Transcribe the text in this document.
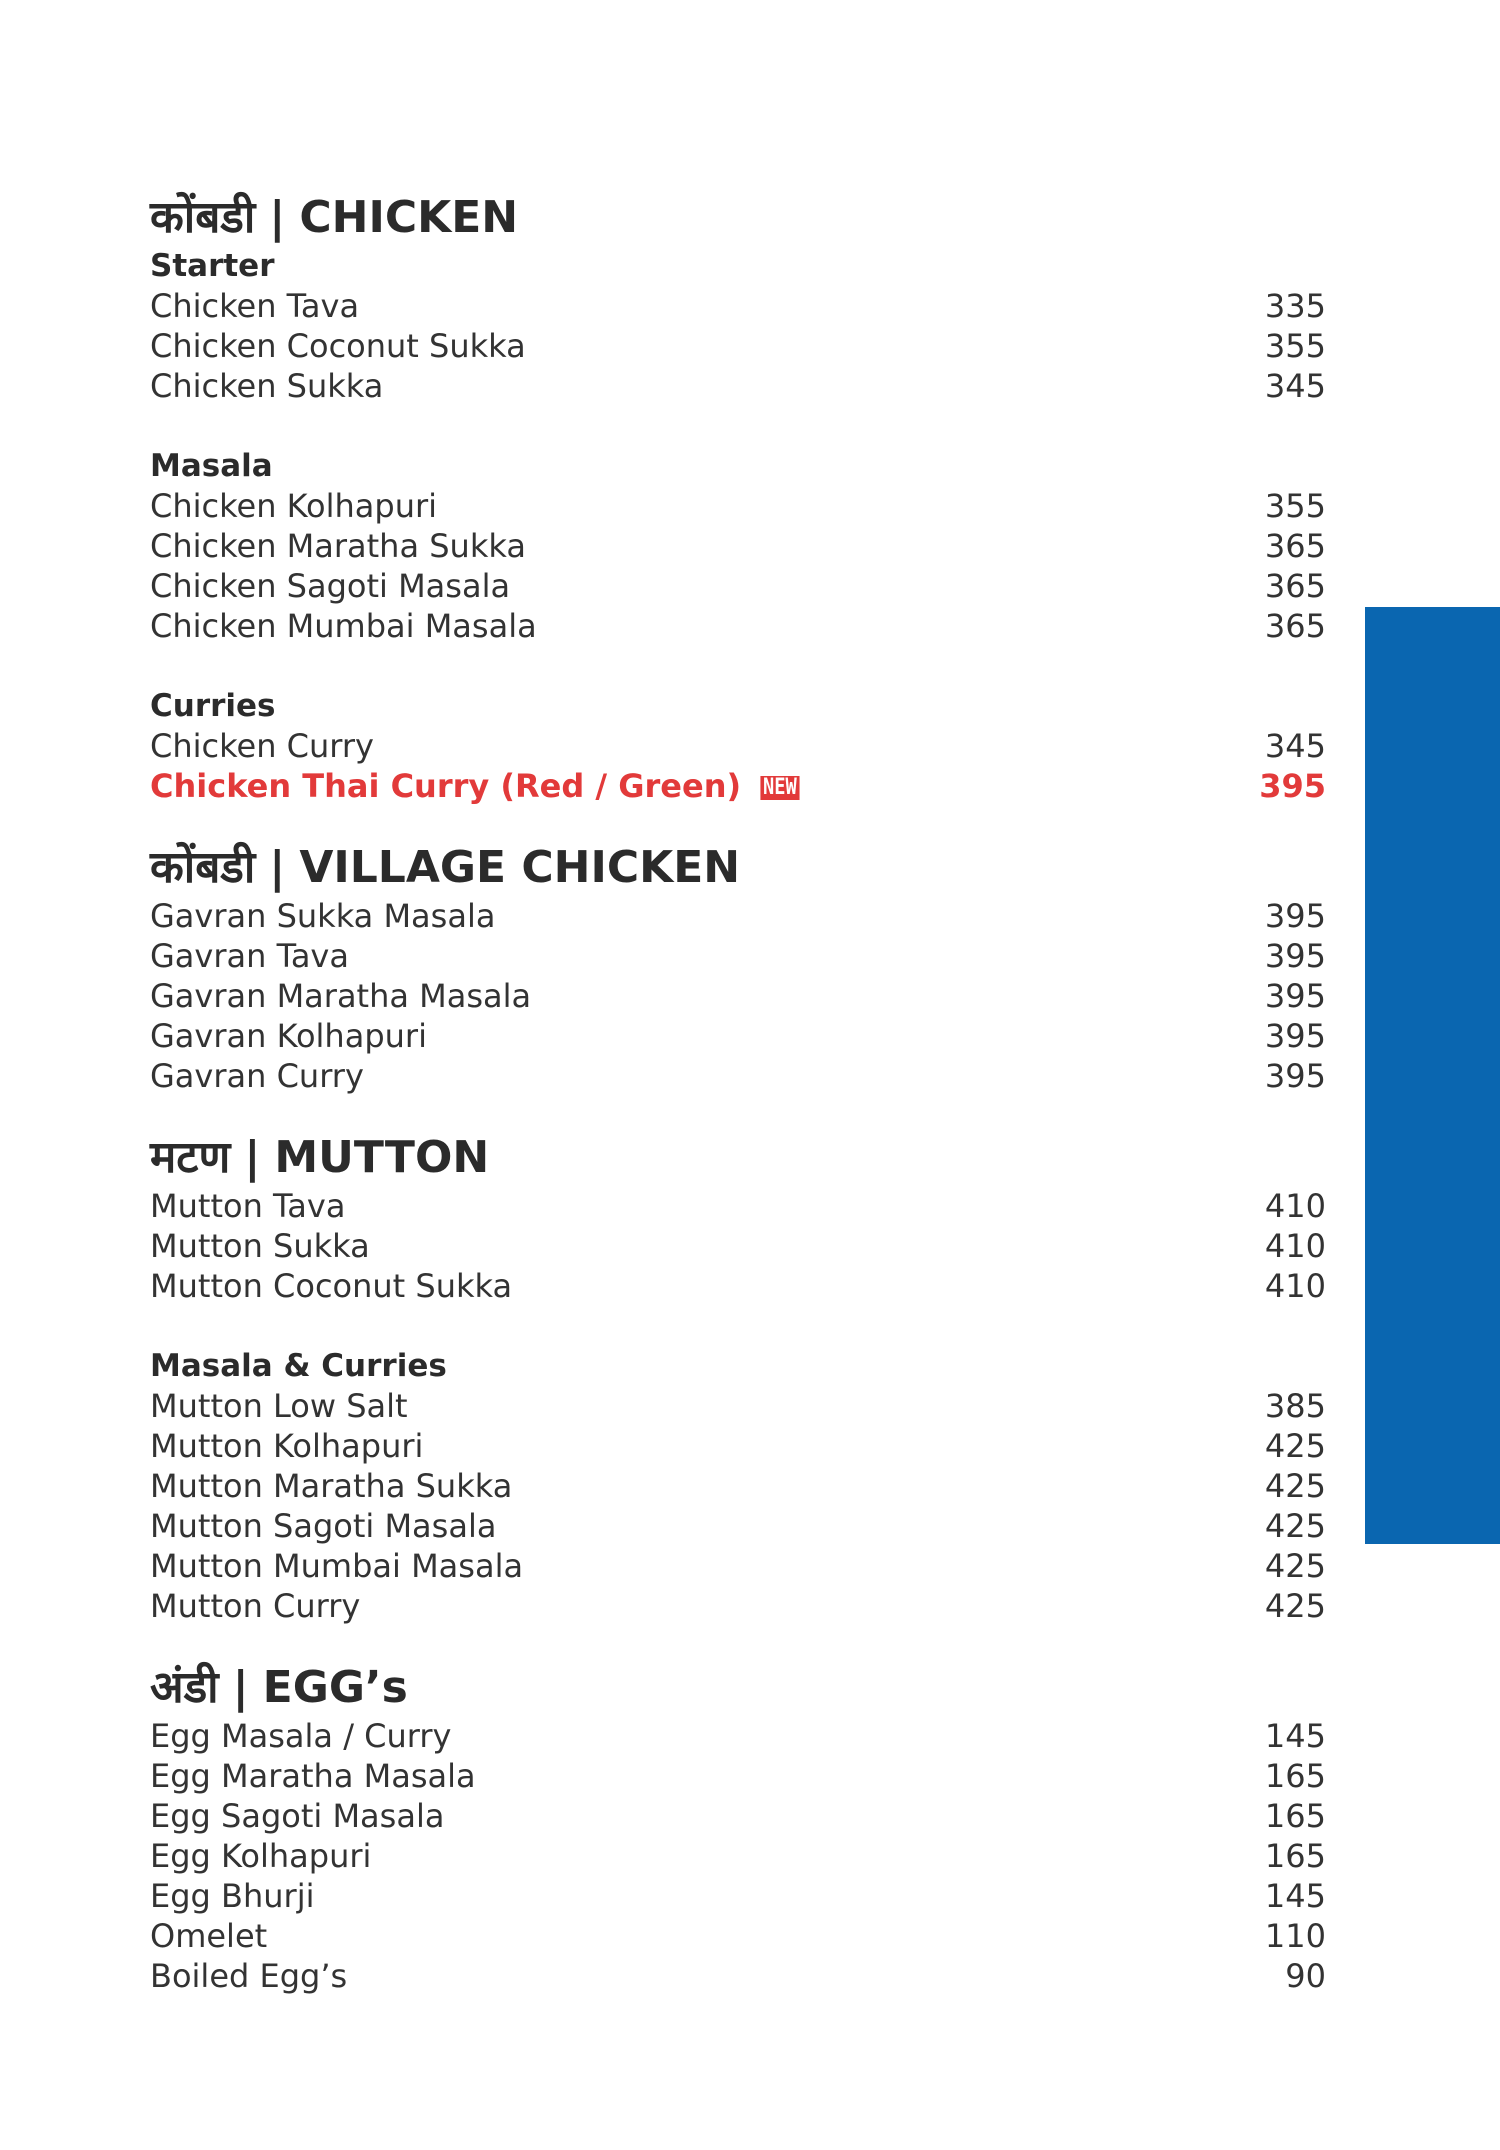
कोंबडी | CHICKEN
Starter
Chicken Tava	335
Chicken Coconut Sukka	355
Chicken Sukka	345
Masala
Chicken Kolhapuri	355
Chicken Maratha Sukka	365
Chicken Sagoti Masala	365
Chicken Mumbai Masala	365
Curries
Chicken Curry	345
Chicken Thai Curry (Red / Green) NEW	395
कोंबडी | VILLAGE CHICKEN
Gavran Sukka Masala	395
Gavran Tava	395
Gavran Maratha Masala	395
Gavran Kolhapuri	395
Gavran Curry	395
मटण | MUTTON
Mutton Tava	410
Mutton Sukka	410
Mutton Coconut Sukka	410
Masala & Curries
Mutton Low Salt	385
Mutton Kolhapuri	425
Mutton Maratha Sukka	425
Mutton Sagoti Masala	425
Mutton Mumbai Masala	425
Mutton Curry	425
अंडी | EGG’s
Egg Masala / Curry	145
Egg Maratha Masala	165
Egg Sagoti Masala	165
Egg Kolhapuri	165
Egg Bhurji	145
Omelet	110
Boiled Egg’s	90
